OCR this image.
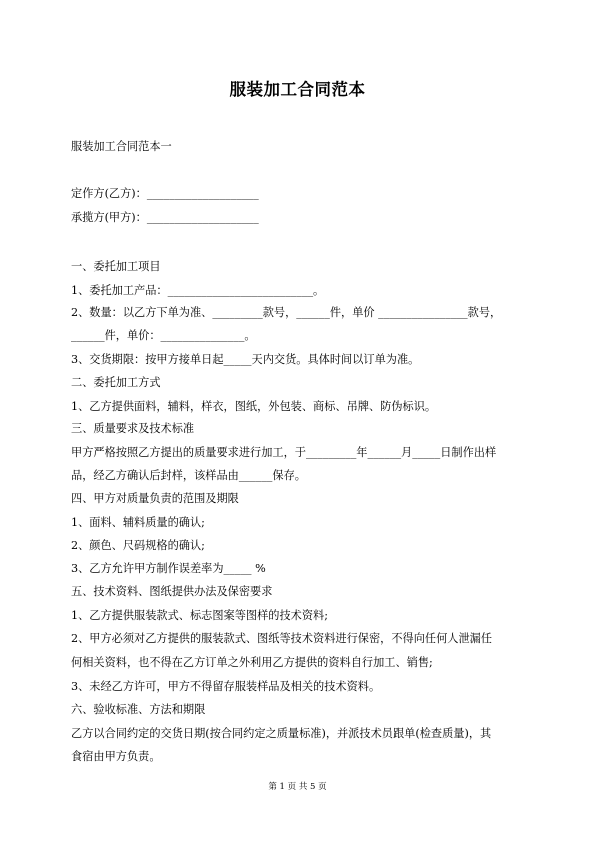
服装加工合同范本
服装加工合同范本一
定作方(乙方)：____________________
承揽方(甲方)：____________________
一、委托加工项目
1、委托加工产品：__________________________。
2、数量：以乙方下单为准、_________款号，______件，单价 ________________款号，
______件，单价：_______________。
3、交货期限：按甲方接单日起_____天内交货。具体时间以订单为准。
二、委托加工方式
1、乙方提供面料，辅料，样衣，图纸，外包装、商标、吊牌、防伪标识。
三、质量要求及技术标准
甲方严格按照乙方提出的质量要求进行加工，于_________年______月_____日制作出样
品，经乙方确认后封样，该样品由______保存。
四、甲方对质量负责的范围及期限
1、面料、辅料质量的确认;
2、颜色、尺码规格的确认;
3、乙方允许甲方制作误差率为_____ %
五、技术资料、图纸提供办法及保密要求
1、乙方提供服装款式、标志图案等图样的技术资料;
2、甲方必须对乙方提供的服装款式、图纸等技术资料进行保密，不得向任何人泄漏任
何相关资料，也不得在乙方订单之外利用乙方提供的资料自行加工、销售;
3、未经乙方许可，甲方不得留存服装样品及相关的技术资料。
六、验收标准、方法和期限
乙方以合同约定的交货日期(按合同约定之质量标准)，并派技术员跟单(检查质量)，其
食宿由甲方负责。
第 1 页 共 5 页
